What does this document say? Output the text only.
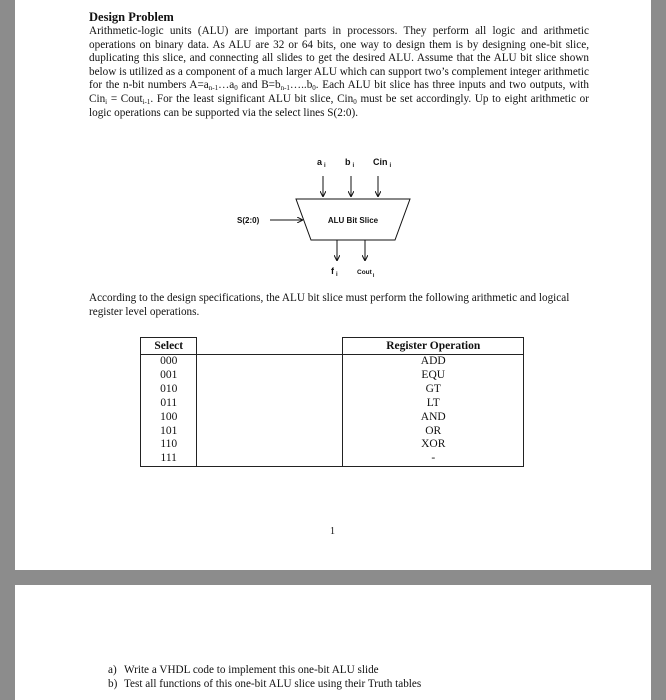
Design Problem
Arithmetic-logic units (ALU) are important parts in processors. They perform all logic and arithmetic operations on binary data. As ALU are 32 or 64 bits, one way to design them is by designing one-bit slice, duplicating this slice, and connecting all slides to get the desired ALU. Assume that the ALU bit slice shown below is utilized as a component of a much larger ALU which can support two’s complement integer arithmetic for the n-bit numbers $A=a_{n-1}\dots a_0$ and $B=b_{n-1}\dots..b_0$. Each ALU bit slice has three inputs and two outputs, with Cin$_i$ = Cout$_{i-1}$. For the least significant ALU bit slice, Cin$_0$ must be set accordingly. Up to eight arithmetic or logic operations can be supported via the select lines S(2:0).
a $_i$ b $_i$ Cin $_i$
ALU Bit Slice
S(2:0)
f $_i$	Cout$_i$
According to the design specifications, the ALU bit slice must perform the following arithmetic and logical register level operations.
Select		Register Operation
000		ADD
001		EQU
010		GT
011		LT
100		AND
101		OR
110		XOR
111		-
1
a) Write a VHDL code to implement this one-bit ALU slide
b) Test all functions of this one-bit ALU slice using their Truth tables
